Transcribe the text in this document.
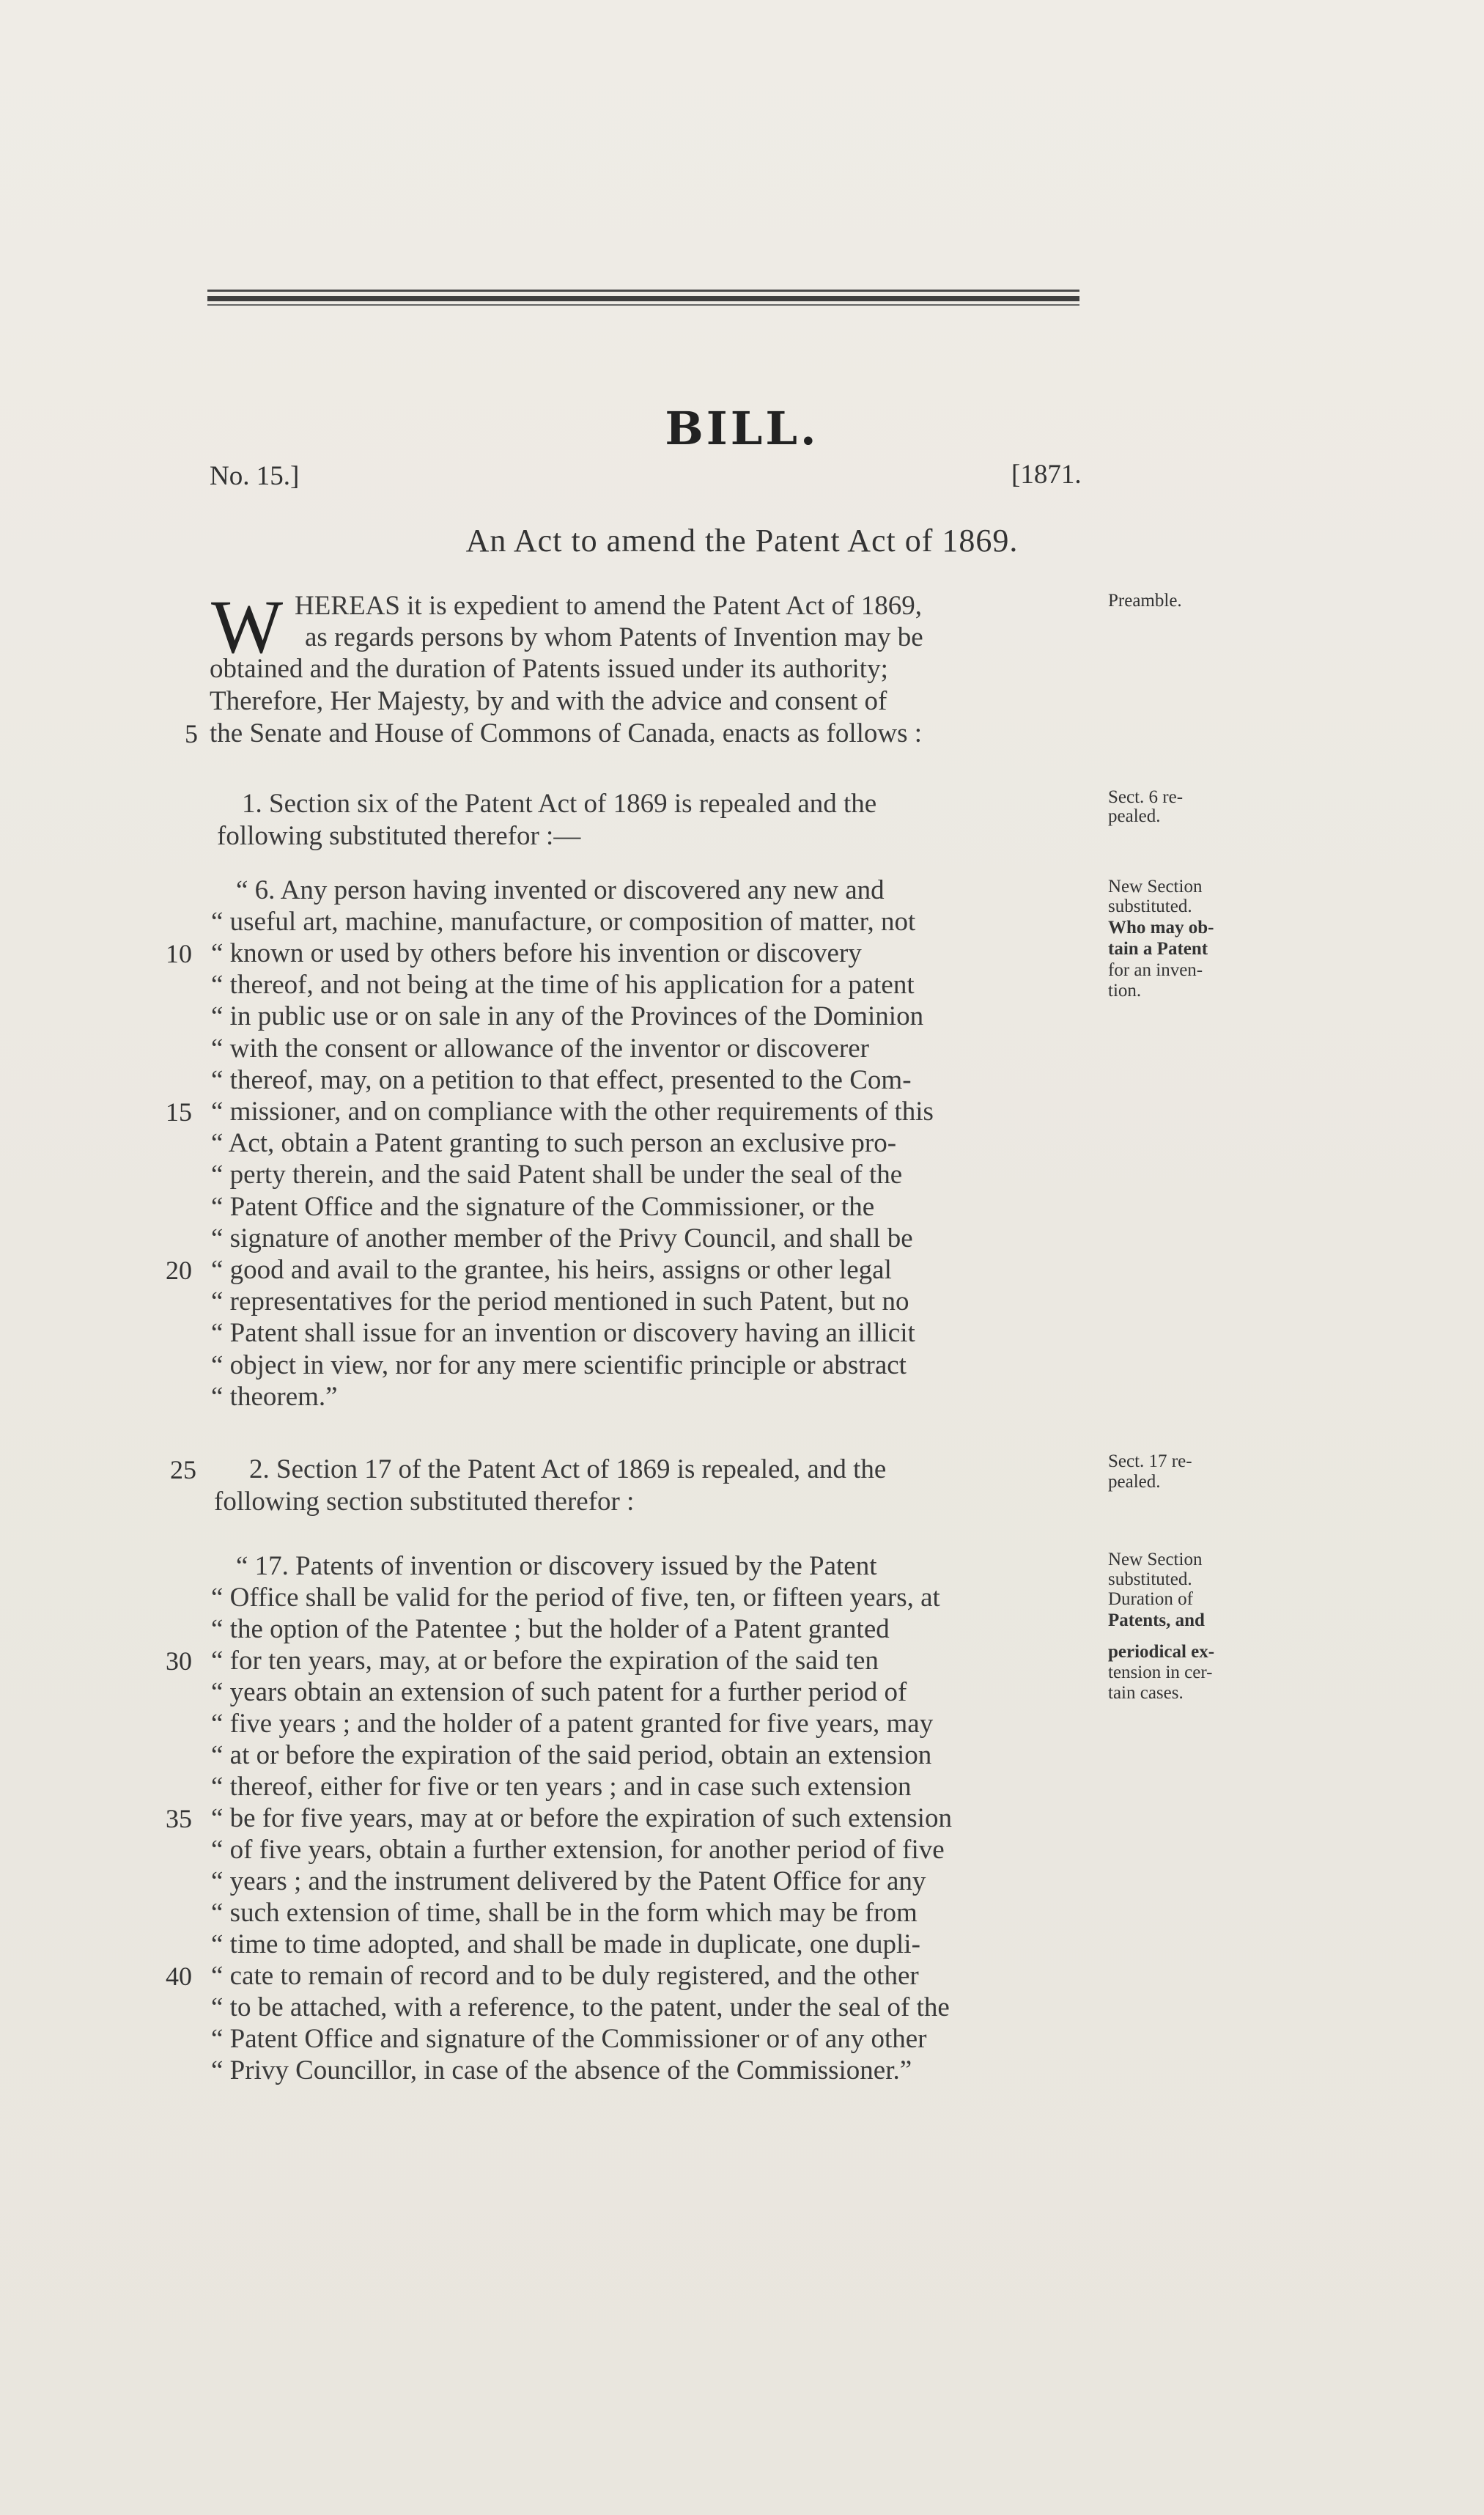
BILL.
No. 15.]	[1871.
An Act to amend the Patent Act of 1869.
W HEREAS it is expedient to amend the Patent Act of 1869,
as regards persons by whom Patents of Invention may be
obtained and the duration of Patents issued under its authority;
Therefore, Her Majesty, by and with the advice and consent of
the Senate and House of Commons of Canada, enacts as follows :
Preamble.
1. Section six of the Patent Act of 1869 is repealed and the
following substituted therefor :—
Sect. 6 re-
pealed.
“ 6. Any person having invented or discovered any new and
“ useful art, machine, manufacture, or composition of matter, not
“ known or used by others before his invention or discovery
“ thereof, and not being at the time of his application for a patent
“ in public use or on sale in any of the Provinces of the Dominion
“ with the consent or allowance of the inventor or discoverer
“ thereof, may, on a petition to that effect, presented to the Com-
“ missioner, and on compliance with the other requirements of this
“ Act, obtain a Patent granting to such person an exclusive pro-
“ perty therein, and the said Patent shall be under the seal of the
“ Patent Office and the signature of the Commissioner, or the
“ signature of another member of the Privy Council, and shall be
“ good and avail to the grantee, his heirs, assigns or other legal
“ representatives for the period mentioned in such Patent, but no
“ Patent shall issue for an invention or discovery having an illicit
“ object in view, nor for any mere scientific principle or abstract
“ theorem.”
New Section
substituted.
Who may ob-
tain a Patent
for an inven-
tion.
2. Section 17 of the Patent Act of 1869 is repealed, and the
following section substituted therefor :
Sect. 17 re-
pealed.
“ 17. Patents of invention or discovery issued by the Patent
“ Office shall be valid for the period of five, ten, or fifteen years, at
“ the option of the Patentee ; but the holder of a Patent granted
“ for ten years, may, at or before the expiration of the said ten
“ years obtain an extension of such patent for a further period of
“ five years ; and the holder of a patent granted for five years, may
“ at or before the expiration of the said period, obtain an extension
“ thereof, either for five or ten years ; and in case such extension
“ be for five years, may at or before the expiration of such extension
“ of five years, obtain a further extension, for another period of five
“ years ; and the instrument delivered by the Patent Office for any
“ such extension of time, shall be in the form which may be from
“ time to time adopted, and shall be made in duplicate, one dupli-
“ cate to remain of record and to be duly registered, and the other
“ to be attached, with a reference, to the patent, under the seal of the
“ Patent Office and signature of the Commissioner or of any other
“ Privy Councillor, in case of the absence of the Commissioner.”
New Section
substituted.
Duration of
Patents, and
periodical ex-
tension in cer-
tain cases.
5
10
15
20
25
30
35
40
